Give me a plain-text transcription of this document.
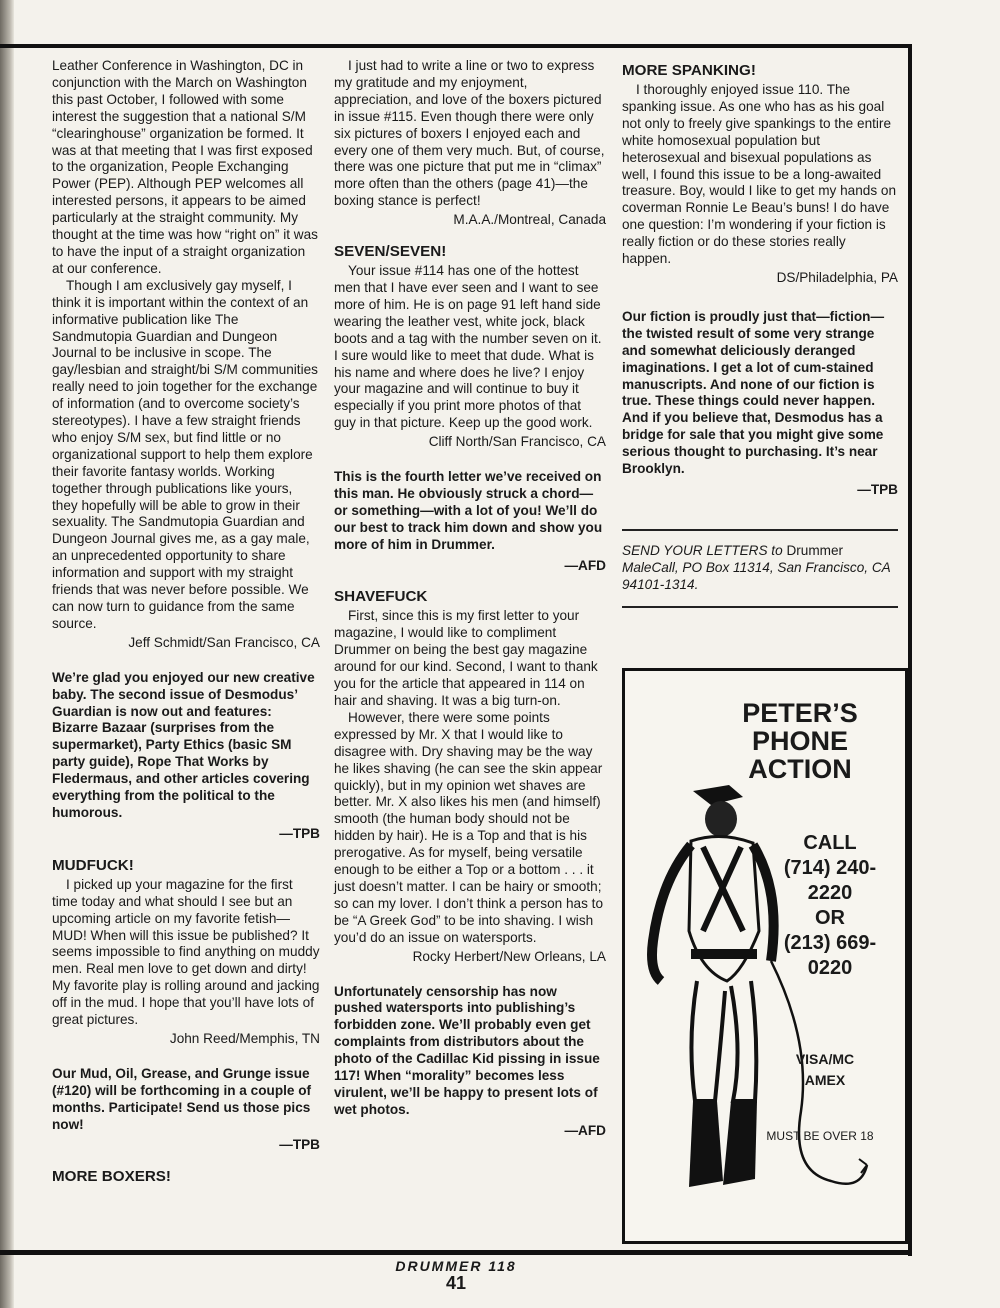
Leather Conference in Washington, DC in conjunction with the March on Washington this past October, I followed with some interest the suggestion that a national S/M “clearinghouse” organization be formed. It was at that meeting that I was first exposed to the organization, People Exchanging Power (PEP). Although PEP welcomes all interested persons, it appears to be aimed particularly at the straight community. My thought at the time was how “right on” it was to have the input of a straight organization at our conference.

Though I am exclusively gay myself, I think it is important within the context of an informative publication like The Sandmutopia Guardian and Dungeon Journal to be inclusive in scope. The gay/lesbian and straight/bi S/M communities really need to join together for the exchange of information (and to overcome society’s stereotypes). I have a few straight friends who enjoy S/M sex, but find little or no organizational support to help them explore their favorite fantasy worlds. Working together through publications like yours, they hopefully will be able to grow in their sexuality. The Sandmutopia Guardian and Dungeon Journal gives me, as a gay male, an unprecedented opportunity to share information and support with my straight friends that was never before possible. We can now turn to guidance from the same source.

Jeff Schmidt/San Francisco, CA

We’re glad you enjoyed our new creative baby. The second issue of Desmodus’ Guardian is now out and features: Bizarre Bazaar (surprises from the supermarket), Party Ethics (basic SM party guide), Rope That Works by Fledermaus, and other articles covering everything from the political to the humorous.
—TPB
MUDFUCK!

I picked up your magazine for the first time today and what should I see but an upcoming article on my favorite fetish—MUD! When will this issue be published? It seems impossible to find anything on muddy men. Real men love to get down and dirty! My favorite play is rolling around and jacking off in the mud. I hope that you’ll have lots of great pictures.

John Reed/Memphis, TN

Our Mud, Oil, Grease, and Grunge issue (#120) will be forthcoming in a couple of months. Participate! Send us those pics now!
—TPB
MORE BOXERS!

I just had to write a line or two to express my gratitude and my enjoyment, appreciation, and love of the boxers pictured in issue #115. Even though there were only six pictures of boxers I enjoyed each and every one of them very much. But, of course, there was one picture that put me in “climax” more often than the others (page 41)—the boxing stance is perfect!

M.A.A./Montreal, Canada

SEVEN/SEVEN!

Your issue #114 has one of the hottest men that I have ever seen and I want to see more of him. He is on page 91 left hand side wearing the leather vest, white jock, black boots and a tag with the number seven on it. I sure would like to meet that dude. What is his name and where does he live? I enjoy your magazine and will continue to buy it especially if you print more photos of that guy in that picture. Keep up the good work.

Cliff North/San Francisco, CA

This is the fourth letter we’ve received on this man. He obviously struck a chord—or something—with a lot of you! We’ll do our best to track him down and show you more of him in Drummer.
—AFD
SHAVEFUCK

First, since this is my first letter to your magazine, I would like to compliment Drummer on being the best gay magazine around for our kind. Second, I want to thank you for the article that appeared in 114 on hair and shaving. It was a big turn-on.

However, there were some points expressed by Mr. X that I would like to disagree with. Dry shaving may be the way he likes shaving (he can see the skin appear quickly), but in my opinion wet shaves are better. Mr. X also likes his men (and himself) smooth (the human body should not be hidden by hair). He is a Top and that is his prerogative. As for myself, being versatile enough to be either a Top or a bottom . . . it just doesn’t matter. I can be hairy or smooth; so can my lover. I don’t think a person has to be “A Greek God” to be into shaving. I wish you’d do an issue on watersports.

Rocky Herbert/New Orleans, LA

Unfortunately censorship has now pushed watersports into publishing’s forbidden zone. We’ll probably even get complaints from distributors about the photo of the Cadillac Kid pissing in issue 117! When “morality” becomes less virulent, we’ll be happy to present lots of wet photos.
—AFD
MORE SPANKING!

I thoroughly enjoyed issue 110. The spanking issue. As one who has as his goal not only to freely give spankings to the entire white homosexual population but heterosexual and bisexual populations as well, I found this issue to be a long-awaited treasure. Boy, would I like to get my hands on coverman Ronnie Le Beau’s buns! I do have one question: I’m wondering if your fiction is really fiction or do these stories really happen.

DS/Philadelphia, PA

Our fiction is proudly just that—fiction—the twisted result of some very strange and somewhat deliciously deranged imaginations. I get a lot of cum-stained manuscripts. And none of our fiction is true. These things could never happen. And if you believe that, Desmodus has a bridge for sale that you might give some serious thought to purchasing. It’s near Brooklyn.
—TPB

SEND YOUR LETTERS to Drummer MaleCall, PO Box 11314, San Francisco, CA 94101-1314.

PETER’S PHONE ACTION
CALL
(714) 240-2220
OR
(213) 669-0220
VISA/MC
AMEX
MUST BE OVER 18
DRUMMER 118
41
